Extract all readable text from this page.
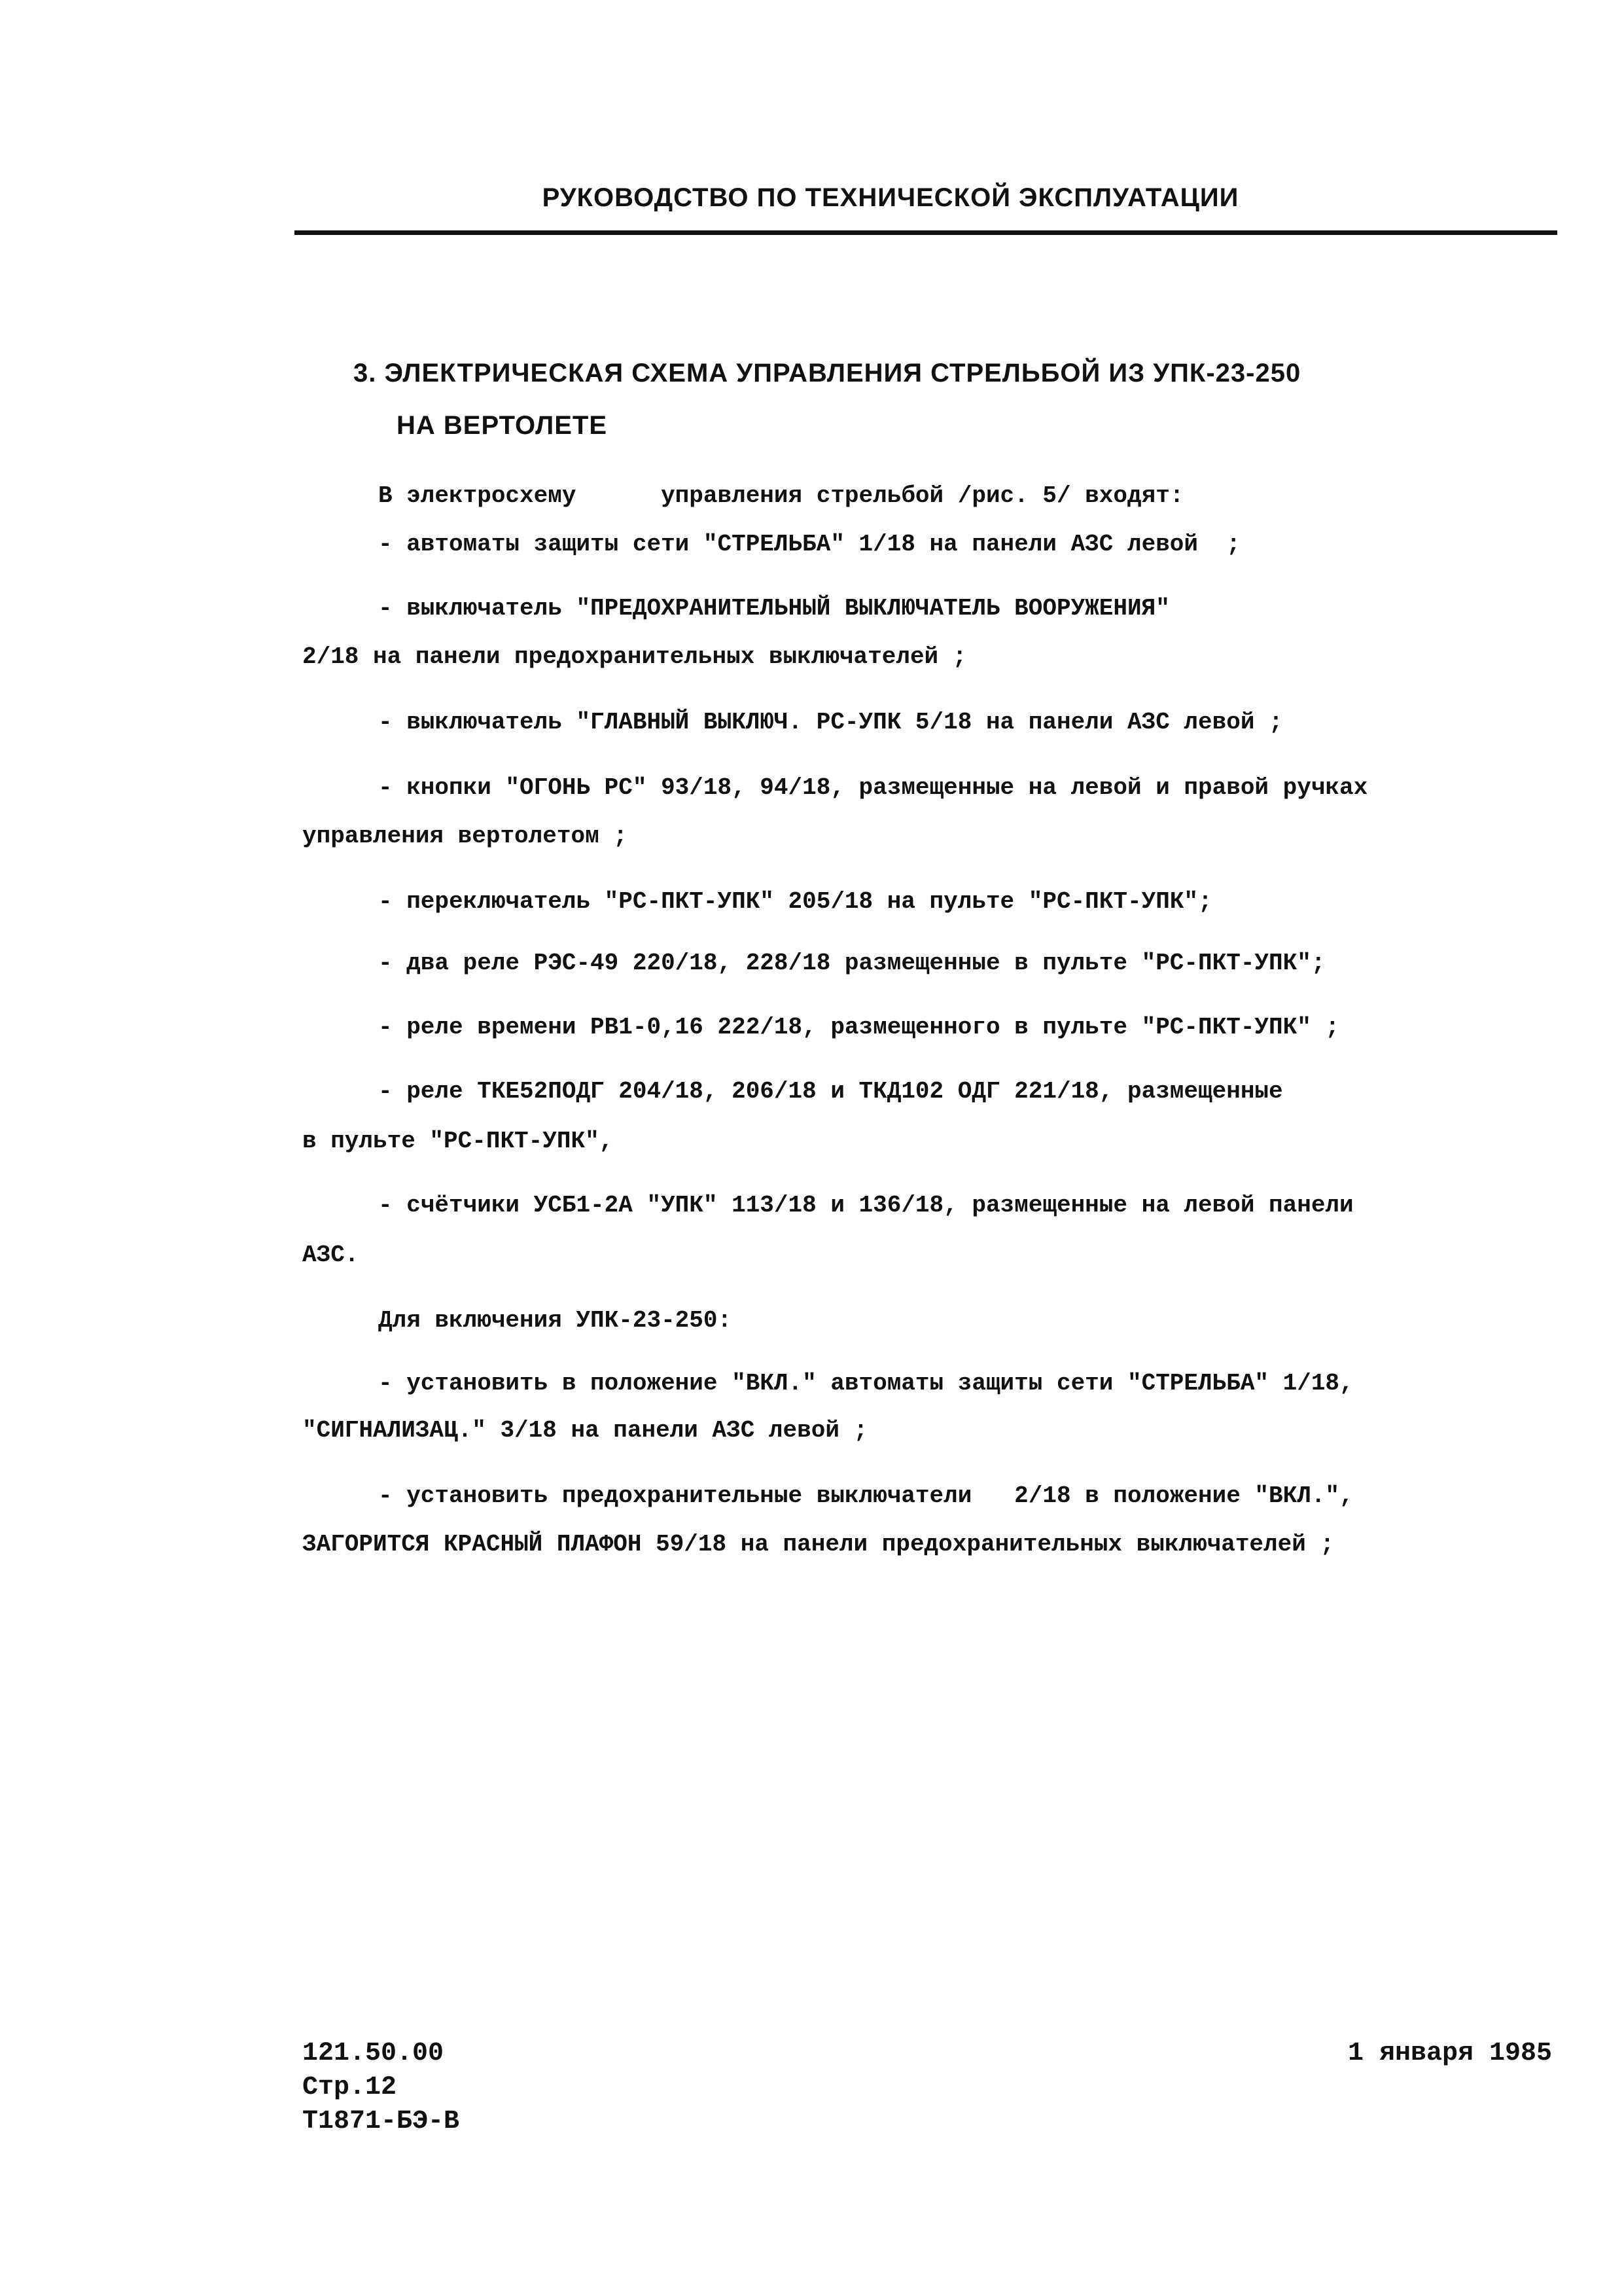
РУКОВОДСТВО ПО ТЕХНИЧЕСКОЙ ЭКСПЛУАТАЦИИ
3. ЭЛЕКТРИЧЕСКАЯ СХЕМА УПРАВЛЕНИЯ СТРЕЛЬБОЙ ИЗ УПК-23-250
НА ВЕРТОЛЕТЕ
В электросхему      управления стрельбой /рис. 5/ входят:
- автоматы защиты сети "СТРЕЛЬБА" 1/18 на панели АЗС левой  ;
- выключатель "ПРЕДОХРАНИТЕЛЬНЫЙ ВЫКЛЮЧАТЕЛЬ ВООРУЖЕНИЯ"
2/18 на панели предохранительных выключателей ;
- выключатель "ГЛАВНЫЙ ВЫКЛЮЧ. РС-УПК 5/18 на панели АЗС левой ;
- кнопки "ОГОНЬ РС" 93/18, 94/18, размещенные на левой и правой ручках
управления вертолетом ;
- переключатель "РС-ПКТ-УПК" 205/18 на пульте "РС-ПКТ-УПК";
- два реле РЭС-49 220/18, 228/18 размещенные в пульте "РС-ПКТ-УПК";
- реле времени РВ1-0,16 222/18, размещенного в пульте "РС-ПКТ-УПК" ;
- реле ТКЕ52ПОДГ 204/18, 206/18 и ТКД102 ОДГ 221/18, размещенные
в пульте "РС-ПКТ-УПК",
- счётчики УСБ1-2А "УПК" 113/18 и 136/18, размещенные на левой панели
АЗС.
Для включения УПК-23-250:
- установить в положение "ВКЛ." автоматы защиты сети "СТРЕЛЬБА" 1/18,
"СИГНАЛИЗАЦ." 3/18 на панели АЗС левой ;
- установить предохранительные выключатели   2/18 в положение "ВКЛ.",
ЗАГОРИТСЯ КРАСНЫЙ ПЛАФОН 59/18 на панели предохранительных выключателей ;
121.50.00
Стр.12
Т1871-БЭ-В
1 января 1985
